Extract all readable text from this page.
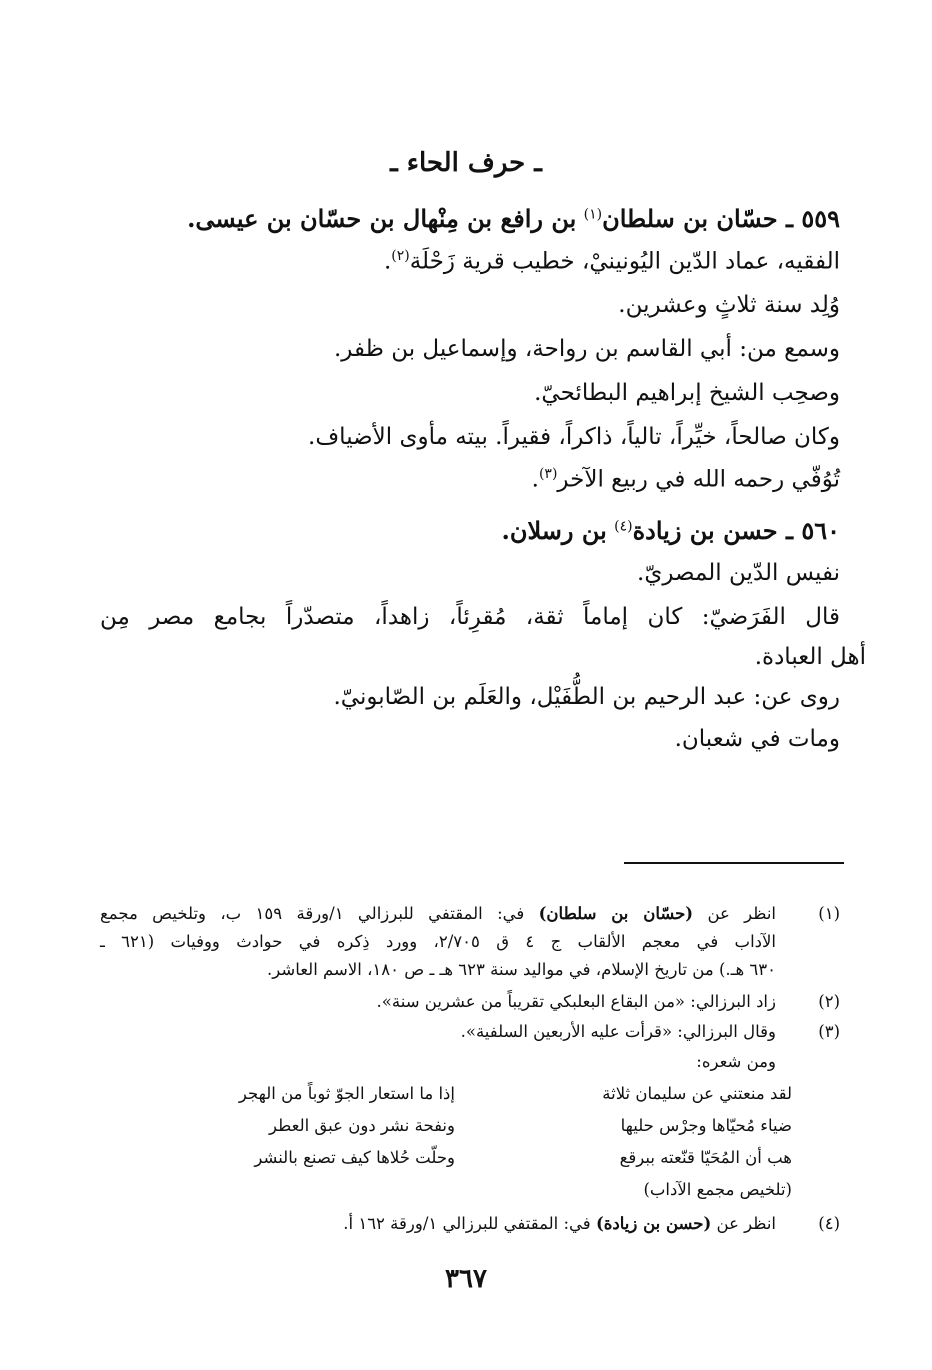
ـ حرف الحاء ـ
٥٥٩ ـ حسّان بن سلطان$^{(١)}$ بن رافع بن مِنْهال بن حسّان بن عيسى.
الفقيه، عماد الدّين اليُونينيْ، خطيب قرية زَحْلَة$^{(٢)}$.
وُلِد سنة ثلاثٍ وعشرين.
وسمع من: أبي القاسم بن رواحة، وإسماعيل بن ظفر.
وصحِب الشيخ إبراهيم البطائحيّ.
وكان صالحاً، خيِّراً، تالياً، ذاكراً، فقيراً. بيته مأوى الأضياف.
تُوُفّي رحمه الله في ربيع الآخر$^{(٣)}$.
٥٦٠ ـ حسن بن زيادة$^{(٤)}$ بن رسلان.
نفيس الدّين المصريّ.
قال الفَرَضيّ: كان إماماً ثقة، مُقرِئاً، زاهداً، متصدّراً بجامع مصر مِن
أهل العبادة.
روى عن: عبد الرحيم بن الطُّفَيْل، والعَلَم بن الصّابونيّ.
ومات في شعبان.
(١)
انظر عن (حسّان بن سلطان) في: المقتفي للبرزالي ١/ورقة ١٥٩ ب، وتلخيص مجمع
الآداب في معجم الألقاب ج ٤ ق ٢/٧٠٥، وورد ذِكره في حوادث ووفيات (٦٢١ ـ
٦٣٠ هـ.) من تاريخ الإسلام، في مواليد سنة ٦٢٣ هـ ـ ص ١٨٠، الاسم العاشر.
(٢)
زاد البرزالي: «من البقاع البعلبكي تقريباً من عشرين سنة».
(٣)
وقال البرزالي: «قرأت عليه الأربعين السلفية».
ومن شعره:
لقد منعتني عن سليمان ثلاثة
إذا ما استعار الجوّ ثوباً من الهجر
ضياء مُحيّاها وجرْس حليها
ونفحة نشر دون عبق العطر
هب أن المُحَيّا قنّعته ببرقع
وحلّت حُلاها كيف تصنع بالنشر
(تلخيص مجمع الآداب)
(٤)
انظر عن (حسن بن زيادة) في: المقتفي للبرزالي ١/ورقة ١٦٢ أ.
٣٦٧
